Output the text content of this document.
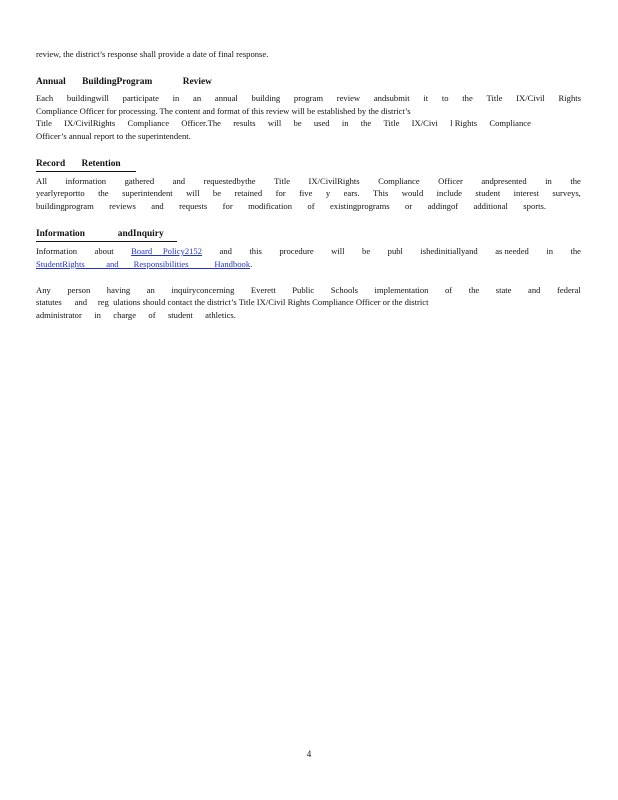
review, the district’s response shall provide a date of final response.

Annual       BuildingProgram             Review

Each buildingwill participate in an annual building program review andsubmit it to the Title IX/Civil Rights

Compliance Officer for processing. The content and format of this review will be established by the district’s

Title IX/CivilRights Compliance Officer.The results will be used in the Title IX/Civi l Rights Compliance

Officer’s annual report to the superintendent.

Record       Retention

All information gathered and requestedbythe Title IX/CivilRights Compliance Officer andpresented in the
yearlyreportto the superintendent will be retained for five y ears. This would include student interest surveys,
buildingprogram reviews and requests for modification of existingprograms or addingof additional sports.

Information              andInquiry

Information about Board     Policy2152 and this procedure will be publ ishedinitiallyand as needed in the
StudentRights          and       Responsibilities            Handbook.
Any person having an inquiryconcerning Everett Public Schools implementation of the state and federal

statutes      and     reg  ulations should contact the district’s Title IX/Civil Rights Compliance Officer or the district

administrator in charge of student athletics.
4
